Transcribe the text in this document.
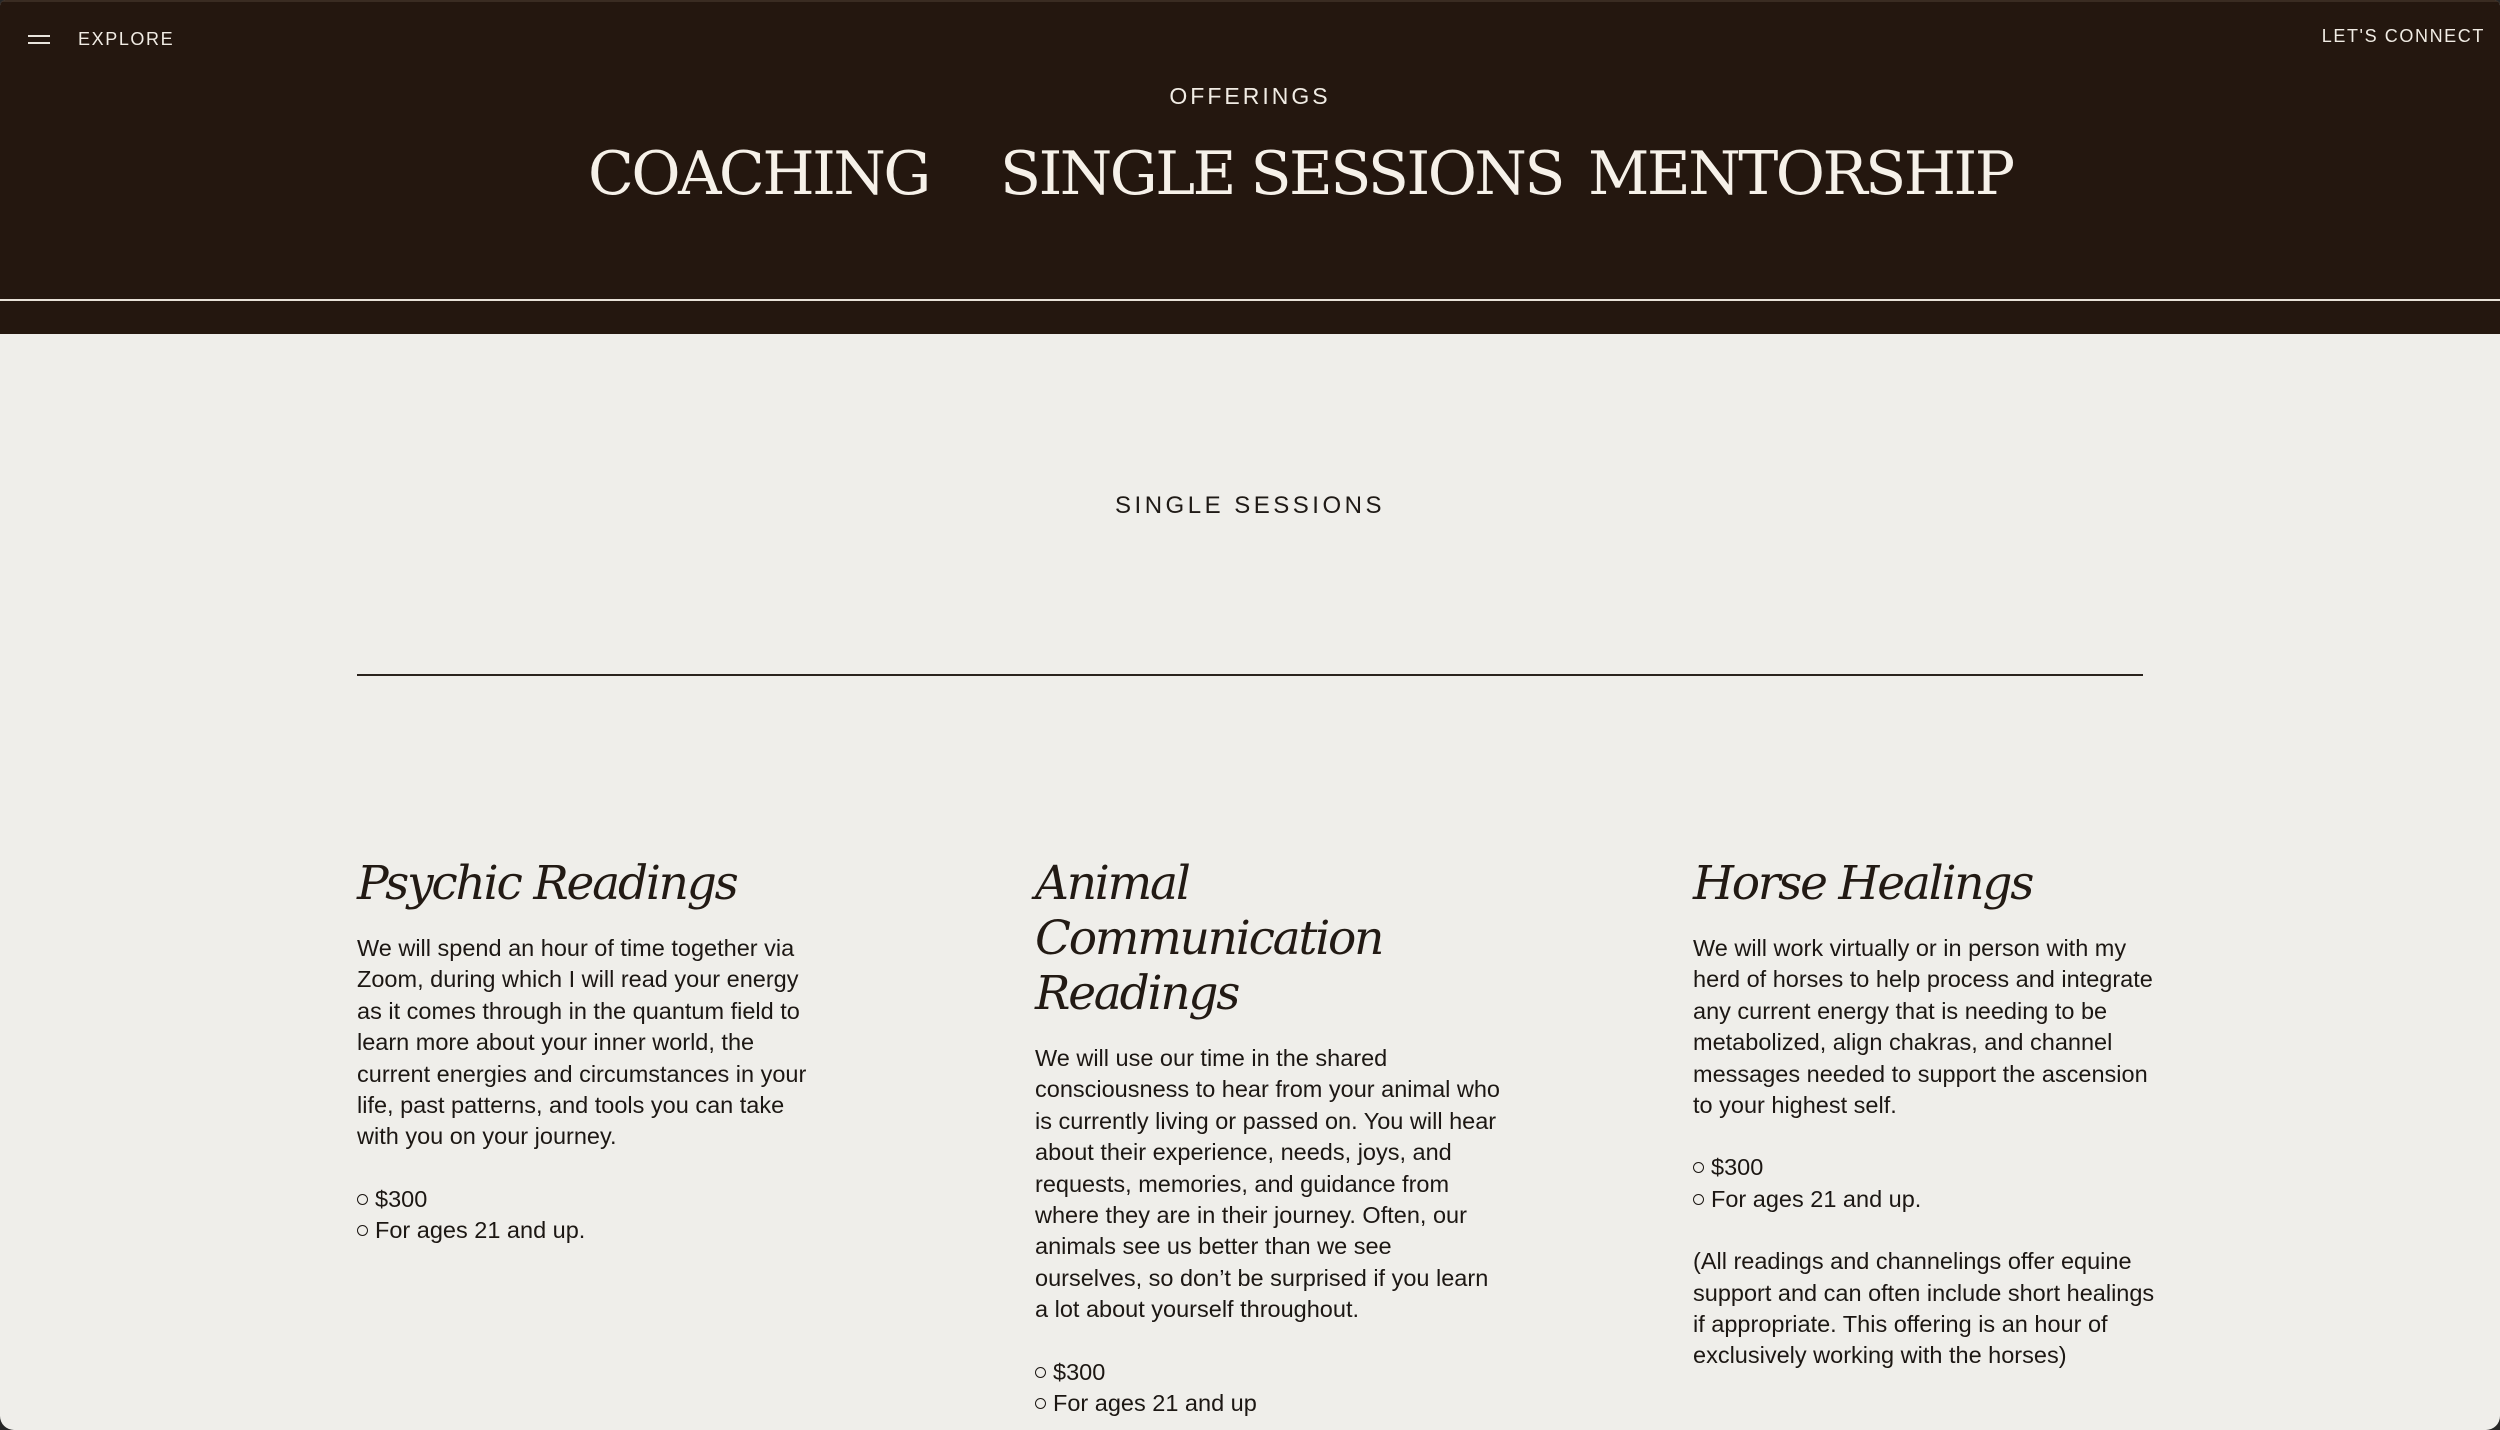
EXPLORE	LET'S CONNECT
OFFERINGS
COACHING SINGLE SESSIONS MENTORSHIP
SINGLE SESSIONS
Psychic Readings

We will spend an hour of time together via Zoom, during which I will read your energy as it comes through in the quantum field to learn more about your inner world, the current energies and circumstances in your life, past patterns, and tools you can take with you on your journey.

$300
For ages 21 and up.
Animal Communication Readings

We will use our time in the shared consciousness to hear from your animal who is currently living or passed on. You will hear about their experience, needs, joys, and requests, memories, and guidance from where they are in their journey. Often, our animals see us better than we see ourselves, so don’t be surprised if you learn a lot about yourself throughout.

$300
For ages 21 and up
Horse Healings

We will work virtually or in person with my herd of horses to help process and integrate any current energy that is needing to be metabolized, align chakras, and channel messages needed to support the ascension to your highest self.

$300
For ages 21 and up.

(All readings and channelings offer equine support and can often include short healings if appropriate. This offering is an hour of exclusively working with the horses)
